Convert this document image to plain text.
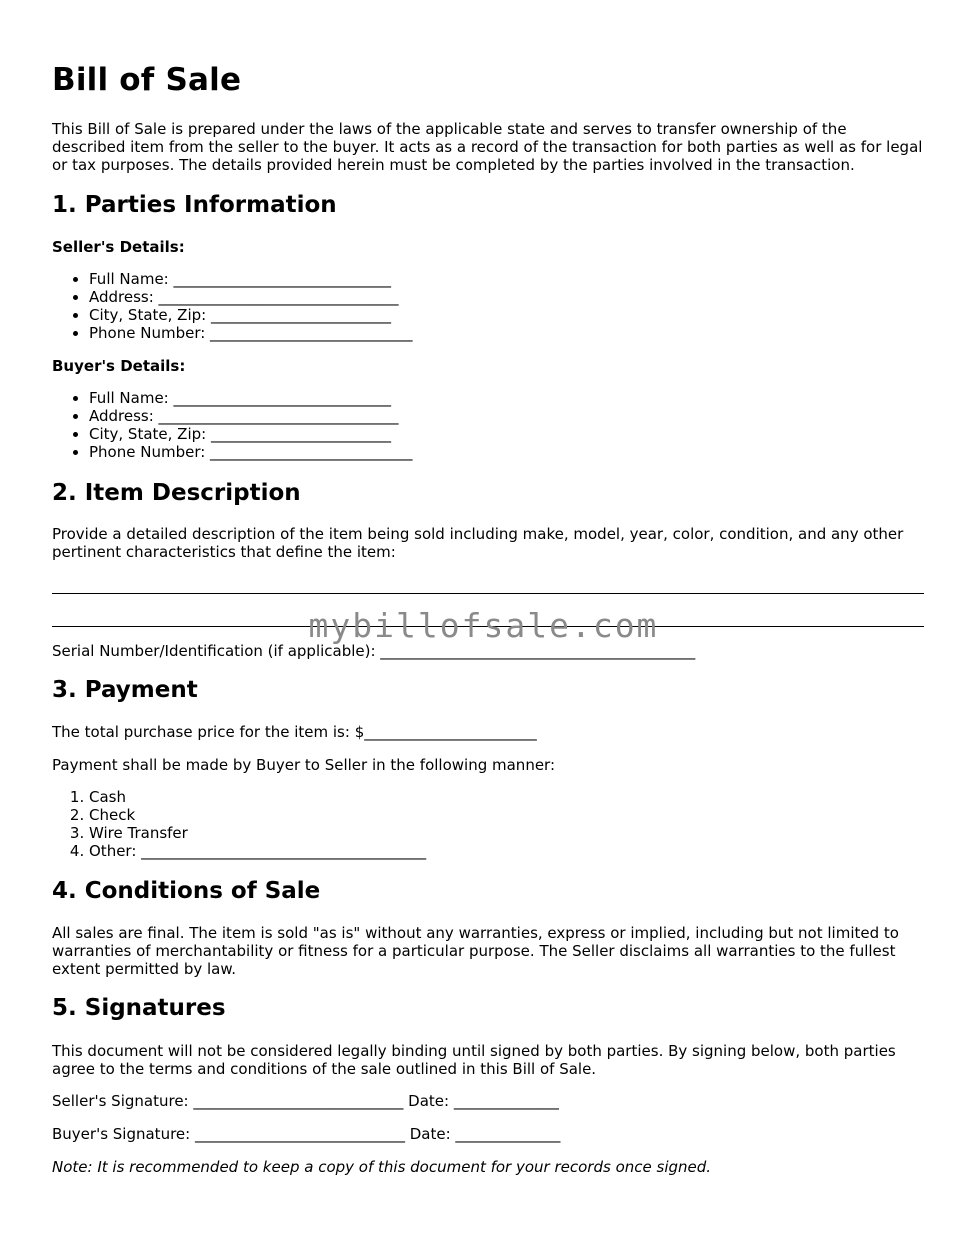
Bill of Sale

This Bill of Sale is prepared under the laws of the applicable state and serves to transfer ownership of the described item from the seller to the buyer. It acts as a record of the transaction for both parties as well as for legal or tax purposes. The details provided herein must be completed by the parties involved in the transaction.

1. Parties Information
Seller's Details:
• Full Name: _____________________________
• Address: ________________________________
• City, State, Zip: ________________________
• Phone Number: ___________________________
Buyer's Details:
• Full Name: _____________________________
• Address: ________________________________
• City, State, Zip: ________________________
• Phone Number: ___________________________
2. Item Description

Provide a detailed description of the item being sold including make, model, year, color, condition, and any other pertinent characteristics that define the item:

Serial Number/Identification (if applicable): __________________________________________

3. Payment

The total purchase price for the item is: $_______________________

Payment shall be made by Buyer to Seller in the following manner:

1. Cash
2. Check
3. Wire Transfer
4. Other: ______________________________________
4. Conditions of Sale

All sales are final. The item is sold "as is" without any warranties, express or implied, including but not limited to warranties of merchantability or fitness for a particular purpose. The Seller disclaims all warranties to the fullest extent permitted by law.

5. Signatures

This document will not be considered legally binding until signed by both parties. By signing below, both parties agree to the terms and conditions of the sale outlined in this Bill of Sale.

Seller's Signature: ____________________________ Date: ______________

Buyer's Signature: ____________________________ Date: ______________

Note: It is recommended to keep a copy of this document for your records once signed.

mybillofsale.com
